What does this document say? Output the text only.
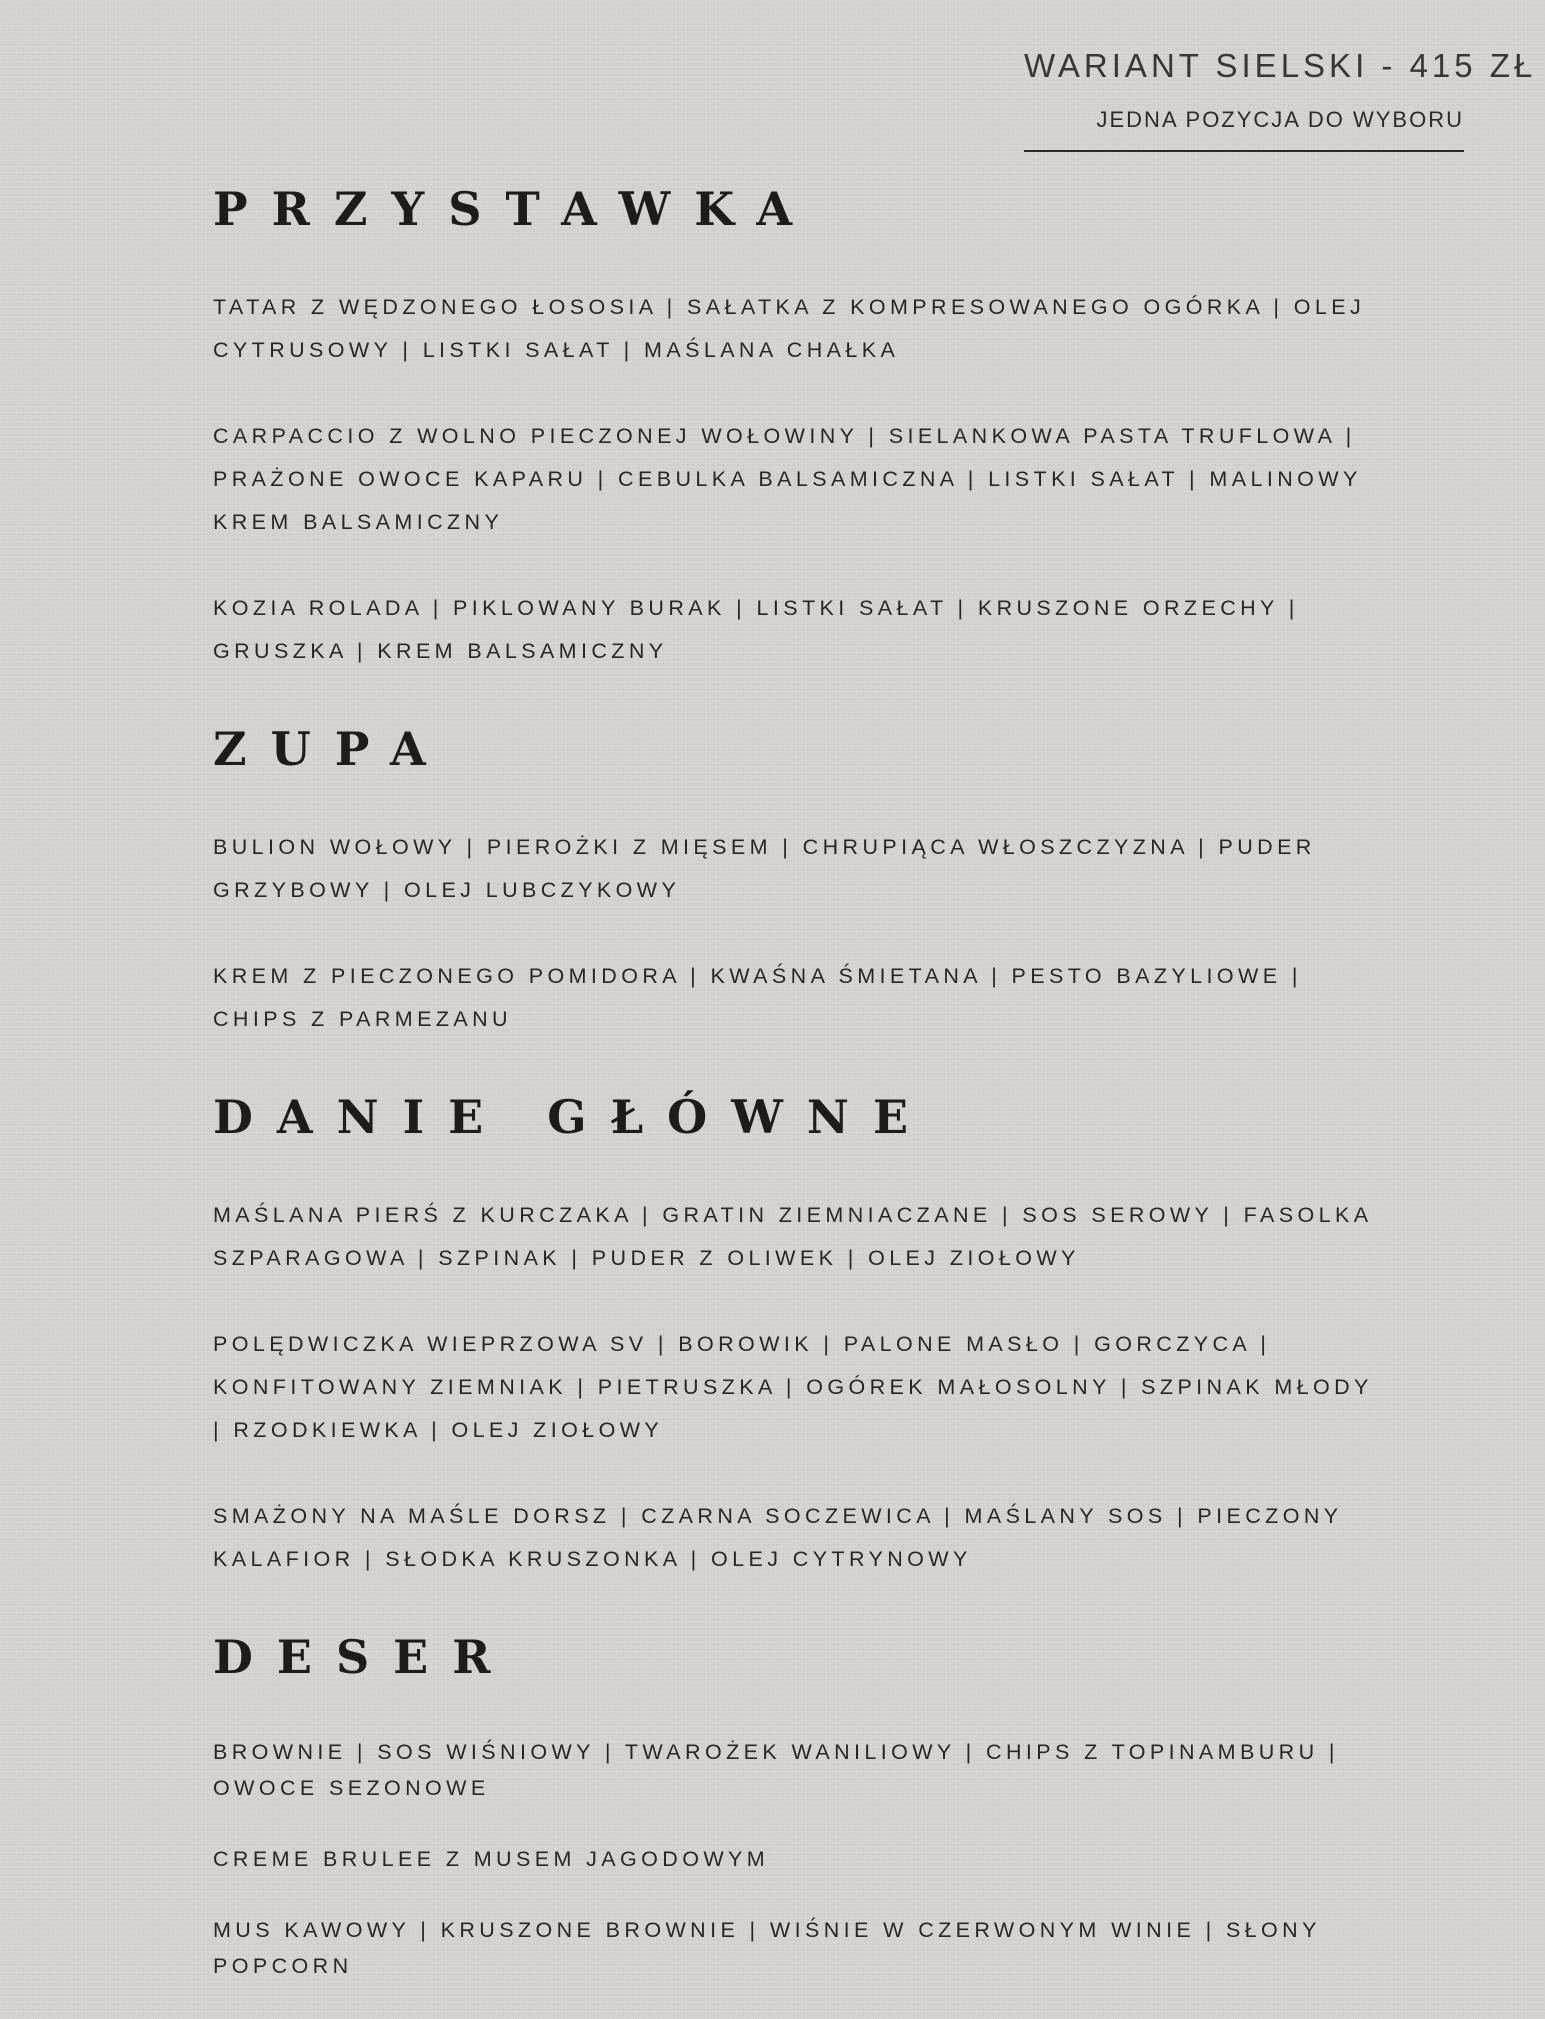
WARIANT SIELSKI - 415 ZŁ
JEDNA POZYCJA DO WYBORU
PRZYSTAWKA

TATAR Z WĘDZONEGO ŁOSOSIA | SAŁATKA Z KOMPRESOWANEGO OGÓRKA | OLEJ CYTRUSOWY | LISTKI SAŁAT | MAŚLANA CHAŁKA

CARPACCIO Z WOLNO PIECZONEJ WOŁOWINY | SIELANKOWA PASTA TRUFLOWA | PRAŻONE OWOCE KAPARU | CEBULKA BALSAMICZNA | LISTKI SAŁAT | MALINOWY KREM BALSAMICZNY

KOZIA ROLADA | PIKLOWANY BURAK | LISTKI SAŁAT | KRUSZONE ORZECHY | GRUSZKA | KREM BALSAMICZNY

ZUPA

BULION WOŁOWY | PIEROŻKI Z MIĘSEM | CHRUPIĄCA WŁOSZCZYZNA | PUDER GRZYBOWY | OLEJ LUBCZYKOWY

KREM Z PIECZONEGO POMIDORA | KWAŚNA ŚMIETANA | PESTO BAZYLIOWE | CHIPS Z PARMEZANU

DANIE GŁÓWNE

MAŚLANA PIERŚ Z KURCZAKA | GRATIN ZIEMNIACZANE | SOS SEROWY | FASOLKA SZPARAGOWA | SZPINAK | PUDER Z OLIWEK | OLEJ ZIOŁOWY

POLĘDWICZKA WIEPRZOWA SV | BOROWIK | PALONE MASŁO | GORCZYCA | KONFITOWANY ZIEMNIAK | PIETRUSZKA | OGÓREK MAŁOSOLNY | SZPINAK MŁODY | RZODKIEWKA | OLEJ ZIOŁOWY

SMAŻONY NA MAŚLE DORSZ | CZARNA SOCZEWICA | MAŚLANY SOS | PIECZONY KALAFIOR | SŁODKA KRUSZONKA | OLEJ CYTRYNOWY

DESER

BROWNIE | SOS WIŚNIOWY | TWAROŻEK WANILIOWY | CHIPS Z TOPINAMBURU | OWOCE SEZONOWE

CREME BRULEE Z MUSEM JAGODOWYM

MUS KAWOWY | KRUSZONE BROWNIE | WIŚNIE W CZERWONYM WINIE | SŁONY POPCORN
